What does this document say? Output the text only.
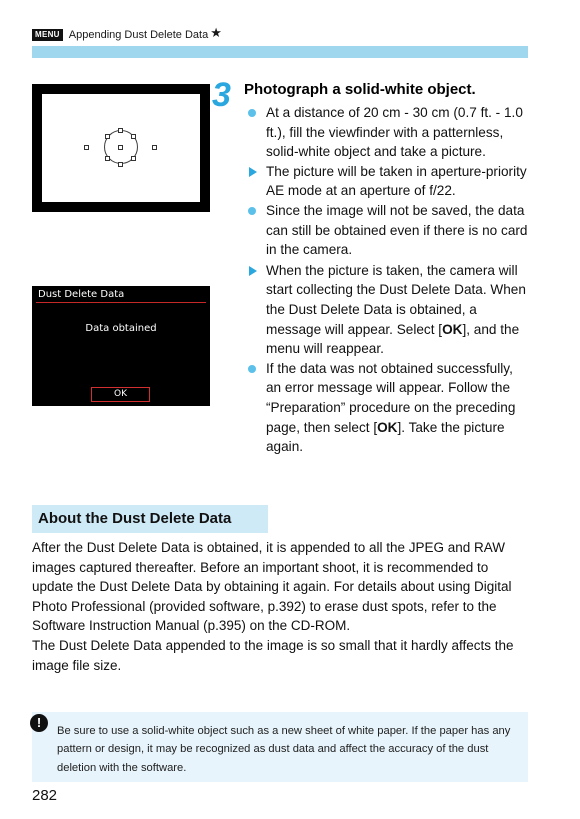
MENU Appending Dust Delete Data ★
Dust Delete Data
Data obtained
OK
3 Photograph a solid-white object.
At a distance of 20 cm - 30 cm (0.7 ft. - 1.0 ft.), fill the viewfinder with a patternless, solid-white object and take a picture.
The picture will be taken in aperture-priority AE mode at an aperture of f/22.
Since the image will not be saved, the data can still be obtained even if there is no card in the camera.
When the picture is taken, the camera will start collecting the Dust Delete Data. When the Dust Delete Data is obtained, a message will appear. Select [OK], and the menu will reappear.
If the data was not obtained successfully, an error message will appear. Follow the “Preparation” procedure on the preceding page, then select [OK]. Take the picture again.
About the Dust Delete Data

After the Dust Delete Data is obtained, it is appended to all the JPEG and RAW images captured thereafter. Before an important shoot, it is recommended to update the Dust Delete Data by obtaining it again. For details about using Digital Photo Professional (provided software, p.392) to erase dust spots, refer to the Software Instruction Manual (p.395) on the CD-ROM.

The Dust Delete Data appended to the image is so small that it hardly affects the image file size.

!
Be sure to use a solid-white object such as a new sheet of white paper. If the paper has any pattern or design, it may be recognized as dust data and affect the accuracy of the dust deletion with the software.
282
